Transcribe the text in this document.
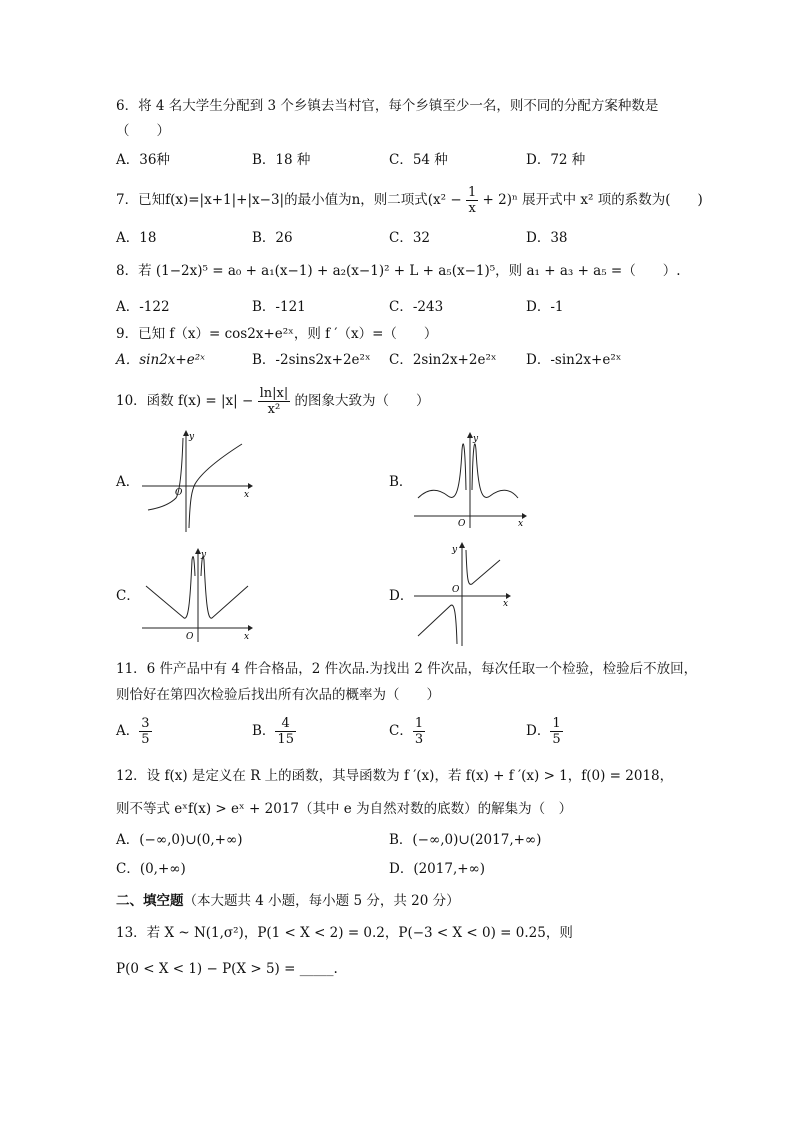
6．将 4 名大学生分配到 3 个乡镇去当村官，每个乡镇至少一名，则不同的分配方案种数是
（　　）
A．36种	B．18 种	C．54 种	D．72 种
7．已知f(x)=|x+1|+|x−3|的最小值为n，则二项式$(x^2 - \frac{1}{x} + 2)^n$ 展开式中 x² 项的系数为(　　)
A．18	B．26	C．32	D．38
8．若 (1−2x)⁵ = a₀ + a₁(x−1) + a₂(x−1)² + L + a₅(x−1)⁵，则 a₁ + a₃ + a₅ =（　　）.
A．-122	B．-121	C．-243	D．-1
9．已知 f（x）= cos2x+e²ˣ，则 f ′（x）=（　　）
A．sin2x+e²ˣ	B．-2sins2x+2e²ˣ C．2sin2x+2e²ˣ D．-sin2x+e²ˣ
10．函数 $f(x) = |x| - \frac{\ln|x|}{\text{x²}}$ 的图象大致为（　　）
A．	B．
C．	D．
y
x
O
y
x
O
y
x
O
y
x
O
11．6 件产品中有 4 件合格品，2 件次品.为找出 2 件次品，每次任取一个检验，检验后不放回，
则恰好在第四次检验后找出所有次品的概率为（　　）
A． $\frac{3}{5}$	B． $\frac{4}{15}$	C． $\frac{1}{3}$	D． $\frac{1}{5}$
12．设 f(x) 是定义在 R 上的函数，其导函数为 f ′(x)，若 f(x) + f ′(x) > 1，f(0) = 2018，
则不等式 eˣf(x) > eˣ + 2017（其中 e 为自然对数的底数）的解集为（　）
A．(−∞,0)∪(0,+∞)	B．(−∞,0)∪(2017,+∞)
C．(0,+∞)	D．(2017,+∞)
二、填空题（本大题共 4 小题，每小题 5 分，共 20 分）
13．若 X ~ N(1,σ²)，P(1 < X < 2) = 0.2，P(−3 < X < 0) = 0.25，则
P(0 < X < 1) − P(X > 5) = _____.
